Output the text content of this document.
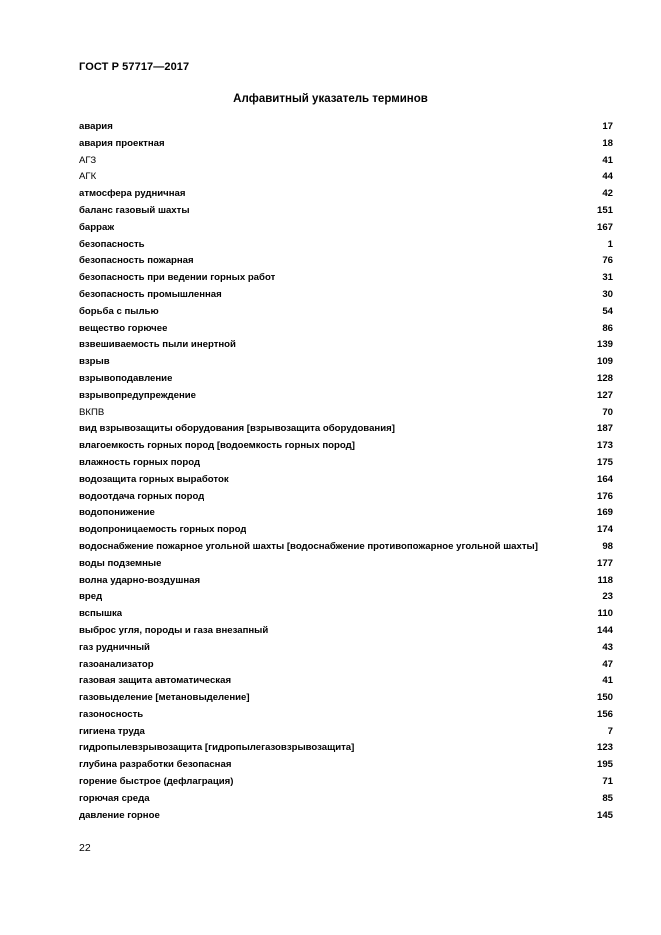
ГОСТ Р 57717—2017
Алфавитный указатель терминов
авария	17
авария проектная	18
АГЗ	41
АГК	44
атмосфера рудничная	42
баланс газовый шахты	151
барраж	167
безопасность	1
безопасность пожарная	76
безопасность при ведении горных работ	31
безопасность промышленная	30
борьба с пылью	54
вещество горючее	86
взвешиваемость пыли инертной	139
взрыв	109
взрывоподавление	128
взрывопредупреждение	127
ВКПВ	70
вид взрывозащиты оборудования [взрывозащита оборудования]	187
влагоемкость горных пород [водоемкость горных пород]	173
влажность горных пород	175
водозащита горных выработок	164
водоотдача горных пород	176
водопонижение	169
водопроницаемость горных пород	174
водоснабжение пожарное угольной шахты [водоснабжение противопожарное угольной шахты]	98
воды подземные	177
волна ударно-воздушная	118
вред	23
вспышка	110
выброс угля, породы и газа внезапный	144
газ рудничный	43
газоанализатор	47
газовая защита автоматическая	41
газовыделение [метановыделение]	150
газоносность	156
гигиена труда	7
гидропылевзрывозащита [гидропылегазовзрывозащита]	123
глубина разработки безопасная	195
горение быстрое (дефлаграция)	71
горючая среда	85
давление горное	145
22
